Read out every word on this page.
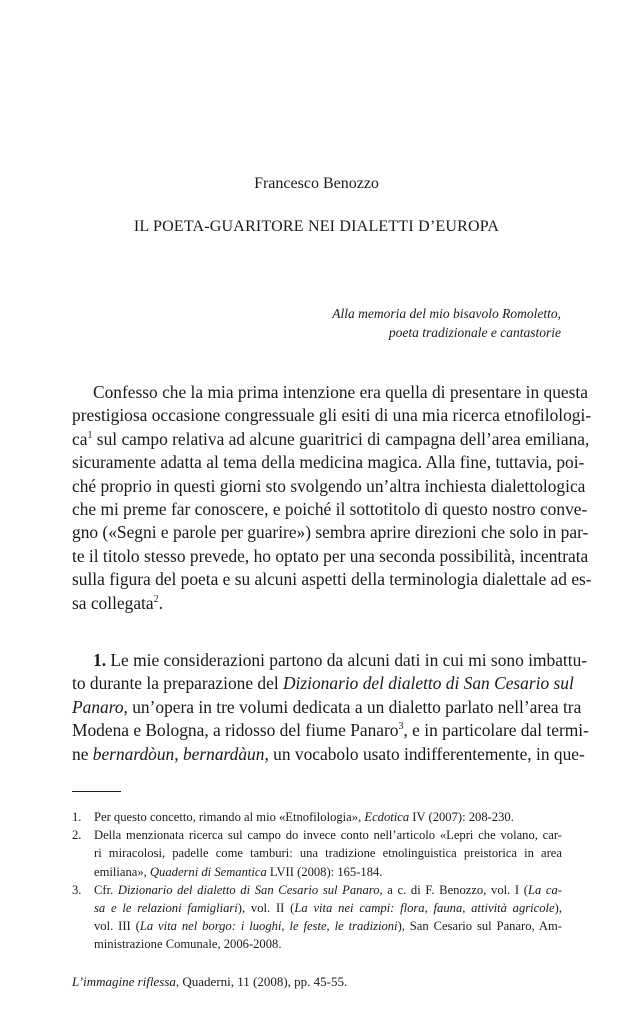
Francesco Benozzo
IL POETA-GUARITORE NEI DIALETTI D’EUROPA
Alla memoria del mio bisavolo Romoletto,
poeta tradizionale e cantastorie
Confesso che la mia prima intenzione era quella di presentare in questa
prestigiosa occasione congressuale gli esiti di una mia ricerca etnofilologi-
$ca^1$ sul campo relativa ad alcune guaritrici di campagna dell’area emiliana,
sicuramente adatta al tema della medicina magica. Alla fine, tuttavia, poi-
ché proprio in questi giorni sto svolgendo un’altra inchiesta dialettologica
che mi preme far conoscere, e poiché il sottotitolo di questo nostro conve-
gno («Segni e parole per guarire») sembra aprire direzioni che solo in par-
te il titolo stesso prevede, ho optato per una seconda possibilità, incentrata
sulla figura del poeta e su alcuni aspetti della terminologia dialettale ad es-
sa collegata$^2$.
1. Le mie considerazioni partono da alcuni dati in cui mi sono imbattu-
to durante la preparazione del Dizionario del dialetto di San Cesario sul
Panaro, un’opera in tre volumi dedicata a un dialetto parlato nell’area tra
Modena e Bologna, a ridosso del fiume Panaro$^3$, e in particolare dal termi-
ne bernardòun, bernardàun, un vocabolo usato indifferentemente, in que-
1. Per questo concetto, rimando al mio «Etnofilologia», Ecdotica IV (2007): 208-230.
2. Della menzionata ricerca sul campo do invece conto nell’articolo «Lepri che volano, car-
ri miracolosi, padelle come tamburi: una tradizione etnolinguistica preistorica in area
emiliana», Quaderni di Semantica LVII (2008): 165-184.
3. Cfr. Dizionario del dialetto di San Cesario sul Panaro, a c. di F. Benozzo, vol. I (La ca-
sa e le relazioni famigliari), vol. II (La vita nei campi: flora, fauna, attività agricole),
vol. III (La vita nel borgo: i luoghi, le feste, le tradizioni), San Cesario sul Panaro, Am-
ministrazione Comunale, 2006-2008.
L’immagine riflessa, Quaderni, 11 (2008), pp. 45-55.
